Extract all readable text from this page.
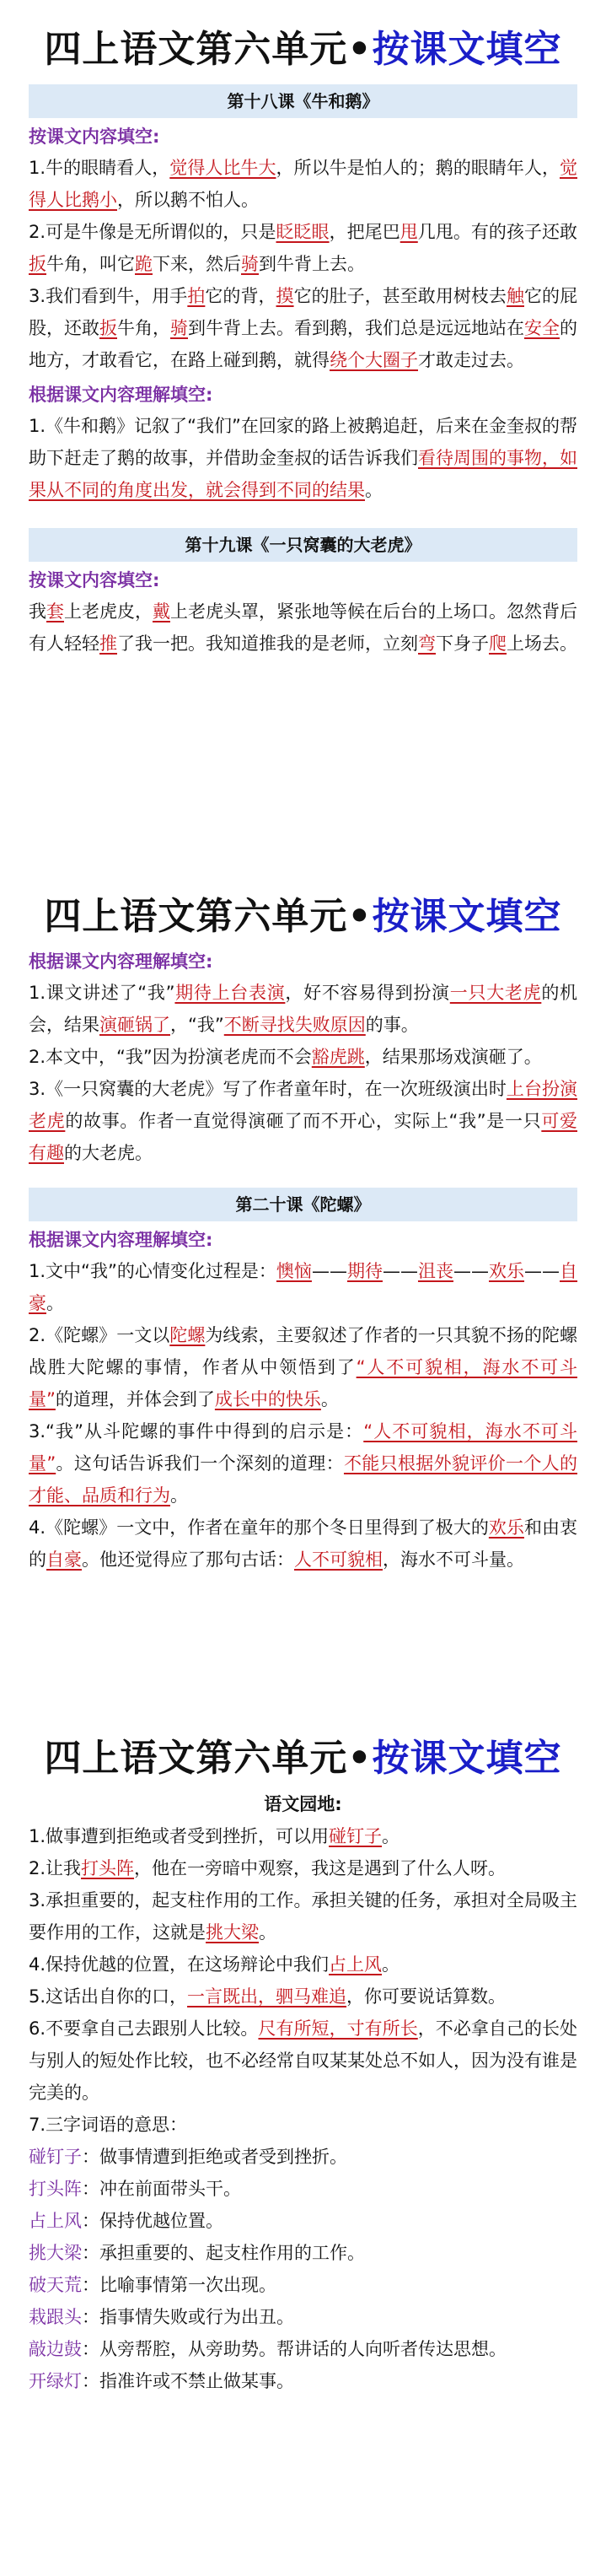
四上语文第六单元•按课文填空
第十八课《牛和鹅》
按课文内容填空:
1.牛的眼睛看人，觉得人比牛大，所以牛是怕人的；鹅的眼睛年人，觉得人比鹅小，所以鹅不怕人。
2.可是牛像是无所谓似的，只是眨眨眼，把尾巴甩几甩。有的孩子还敢扳牛角，叫它跪下来，然后骑到牛背上去。
3.我们看到牛，用手拍它的背，摸它的肚子，甚至敢用树枝去触它的屁股，还敢扳牛角，骑到牛背上去。看到鹅，我们总是远远地站在安全的地方，才敢看它，在路上碰到鹅，就得绕个大圈子才敢走过去。
根据课文内容理解填空:
1.《牛和鹅》记叙了“我们”在回家的路上被鹅追赶，后来在金奎叔的帮助下赶走了鹅的故事，并借助金奎叔的话告诉我们看待周围的事物，如果从不同的角度出发，就会得到不同的结果。
第十九课《一只窝囊的大老虎》
按课文内容填空:
我套上老虎皮，戴上老虎头罩，紧张地等候在后台的上场口。忽然背后有人轻轻推了我一把。我知道推我的是老师，立刻弯下身子爬上场去。
四上语文第六单元•按课文填空
根据课文内容理解填空:
1.课文讲述了“我”期待上台表演，好不容易得到扮演一只大老虎的机会，结果演砸锅了，“我”不断寻找失败原因的事。
2.本文中，“我”因为扮演老虎而不会豁虎跳，结果那场戏演砸了。
3.《一只窝囊的大老虎》写了作者童年时，在一次班级演出时上台扮演老虎的故事。作者一直觉得演砸了而不开心，实际上“我”是一只可爱有趣的大老虎。
第二十课《陀螺》
根据课文内容理解填空:
1.文中“我”的心情变化过程是：懊恼——期待——沮丧——欢乐——自豪。
2.《陀螺》一文以陀螺为线索，主要叙述了作者的一只其貌不扬的陀螺战胜大陀螺的事情，作者从中领悟到了“人不可貌相，海水不可斗量”的道理，并体会到了成长中的快乐。
3.“我”从斗陀螺的事件中得到的启示是：“人不可貌相，海水不可斗量”。这句话告诉我们一个深刻的道理：不能只根据外貌评价一个人的才能、品质和行为。
4.《陀螺》一文中，作者在童年的那个冬日里得到了极大的欢乐和由衷的自豪。他还觉得应了那句古话：人不可貌相，海水不可斗量。
四上语文第六单元•按课文填空
语文园地:
1.做事遭到拒绝或者受到挫折，可以用碰钉子。
2.让我打头阵，他在一旁暗中观察，我这是遇到了什么人呀。
3.承担重要的，起支柱作用的工作。承担关键的任务，承担对全局吸主要作用的工作，这就是挑大梁。
4.保持优越的位置，在这场辩论中我们占上风。
5.这话出自你的口，一言既出，驷马难追，你可要说话算数。
6.不要拿自己去跟别人比较。尺有所短，寸有所长，不必拿自己的长处与别人的短处作比较，也不必经常自叹某某处总不如人，因为没有谁是完美的。
7.三字词语的意思：
碰钉子：做事情遭到拒绝或者受到挫折。
打头阵：冲在前面带头干。
占上风：保持优越位置。
挑大梁：承担重要的、起支柱作用的工作。
破天荒：比喻事情第一次出现。
栽跟头：指事情失败或行为出丑。
敲边鼓：从旁帮腔，从旁助势。帮讲话的人向听者传达思想。
开绿灯：指准许或不禁止做某事。
